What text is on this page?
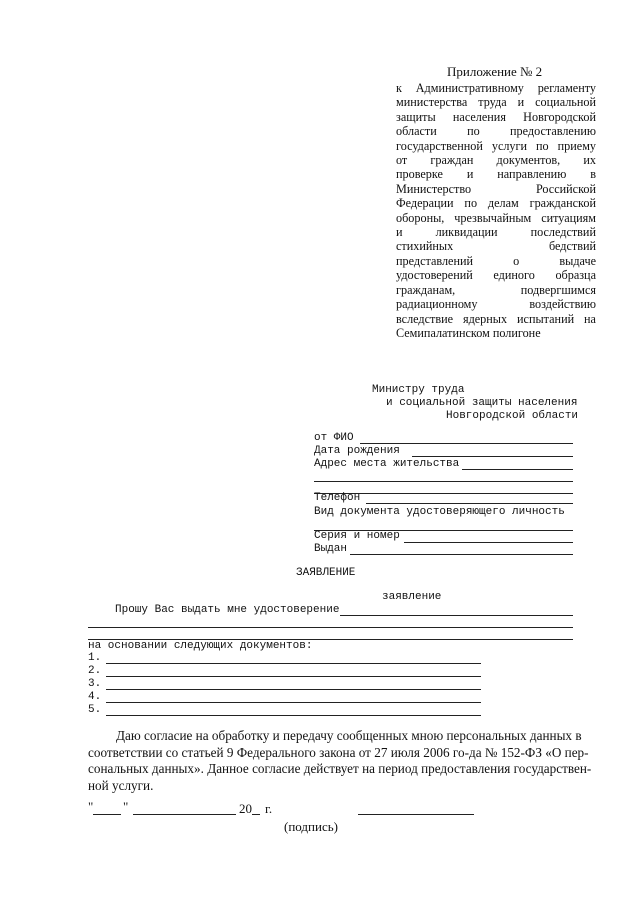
Приложение № 2
к Административному регламенту
министерства труда и социальной
защиты населения Новгородской
области по предоставлению
государственной услуги по приему
от граждан документов, их
проверке и направлению в
Министерство	Российской
Федерации по делам гражданской
обороны, чрезвычайным ситуациям
и	ликвидации	последствий
стихийных	бедствий
представлений	о	выдаче
удостоверений единого образца
гражданам,	подвергшимся
радиационному	воздействию
вследствие ядерных испытаний на
Семипалатинском полигоне
Министру труда
и социальной защиты населения
Новгородской области
от ФИО
Дата рождения
Адрес места жительства
Телефон
Вид документа удостоверяющего личность
Серия и номер
Выдан
ЗАЯВЛЕНИЕ
заявление
Прошу Вас выдать мне удостоверение
на основании следующих документов:
1.
2.
3.
4.
5.
Даю согласие на обработку и передачу сообщенных мною персональных данных в
соответствии со статьей 9 Федерального закона от 27 июля 2006 го-да № 152-ФЗ «О пер-
сональных данных». Данное согласие действует на период предоставления государствен-
ной услуги.
" "	20 г.
(подпись)
